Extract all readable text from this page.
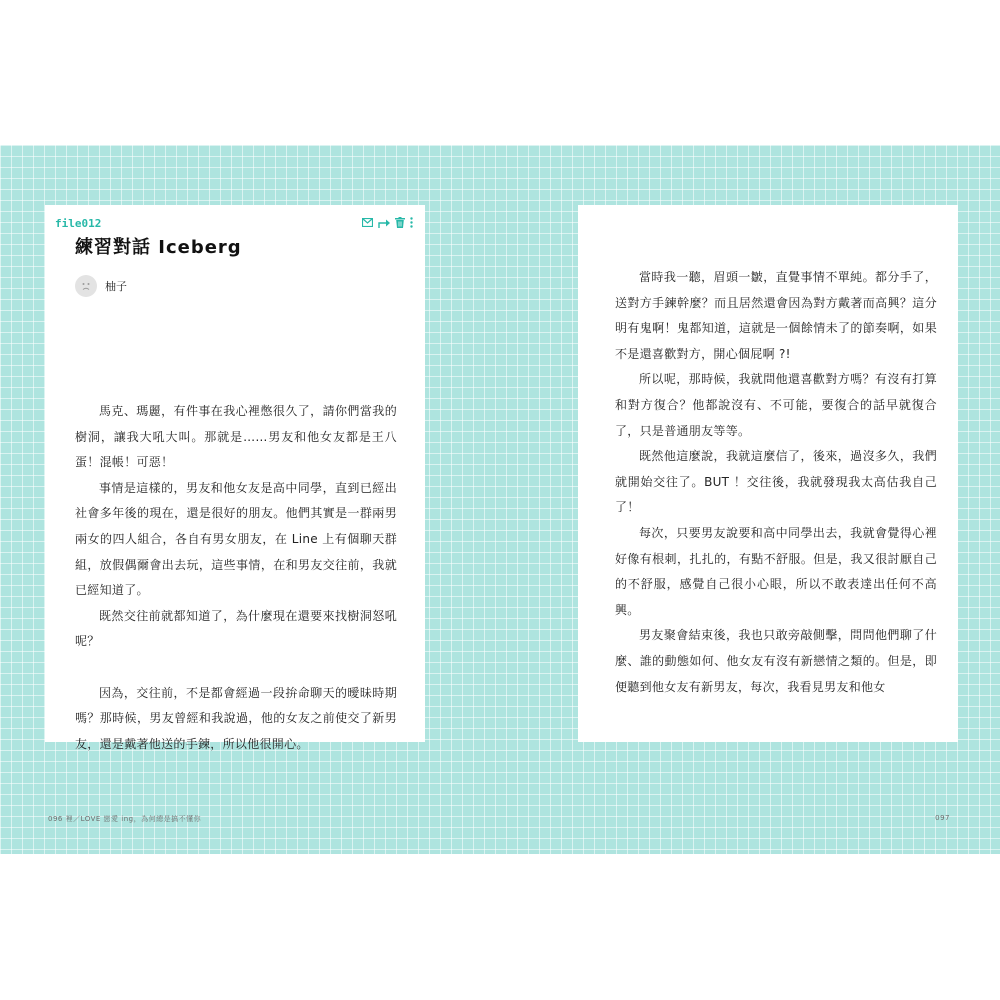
file012
練習對話 Iceberg
柚子

馬克、瑪麗，有件事在我心裡憋很久了，請你們當我的樹洞，讓我大吼大叫。那就是……男友和他女友都是王八蛋！混帳！可惡！

事情是這樣的，男友和他女友是高中同學，直到已經出社會多年後的現在，還是很好的朋友。他們其實是一群兩男兩女的四人組合，各自有男女朋友，在 Line 上有個聊天群組，放假偶爾會出去玩，這些事情，在和男友交往前，我就已經知道了。

既然交往前就都知道了，為什麼現在還要來找樹洞怒吼呢？

因為，交往前，不是都會經過一段拚命聊天的曖昧時期嗎？那時候，男友曾經和我說過，他的女友之前使交了新男友，還是戴著他送的手鍊，所以他很開心。

當時我一聽，眉頭一皺，直覺事情不單純。都分手了，送對方手鍊幹麼？而且居然還會因為對方戴著而高興？這分明有鬼啊！鬼都知道，這就是一個餘情未了的節奏啊，如果不是還喜歡對方，開心個屁啊 ?!

所以呢，那時候，我就問他還喜歡對方嗎？有沒有打算和對方復合？他都說沒有、不可能，要復合的話早就復合了，只是普通朋友等等。

既然他這麼說，我就這麼信了，後來，過沒多久，我們就開始交往了。BUT ！交往後，我就發現我太高估我自己了！

每次，只要男友說要和高中同學出去，我就會覺得心裡好像有根刺，扎扎的，有點不舒服。但是，我又很討厭自己的不舒服，感覺自己很小心眼，所以不敢表達出任何不高興。

男友聚會結束後，我也只敢旁敲側擊，問問他們聊了什麼、誰的動態如何、他女友有沒有新戀情之類的。但是，即便聽到他女友有新男友，每次，我看見男友和他女

096 裡／LOVE 戀愛 ing，為何總是搞不懂你	097
